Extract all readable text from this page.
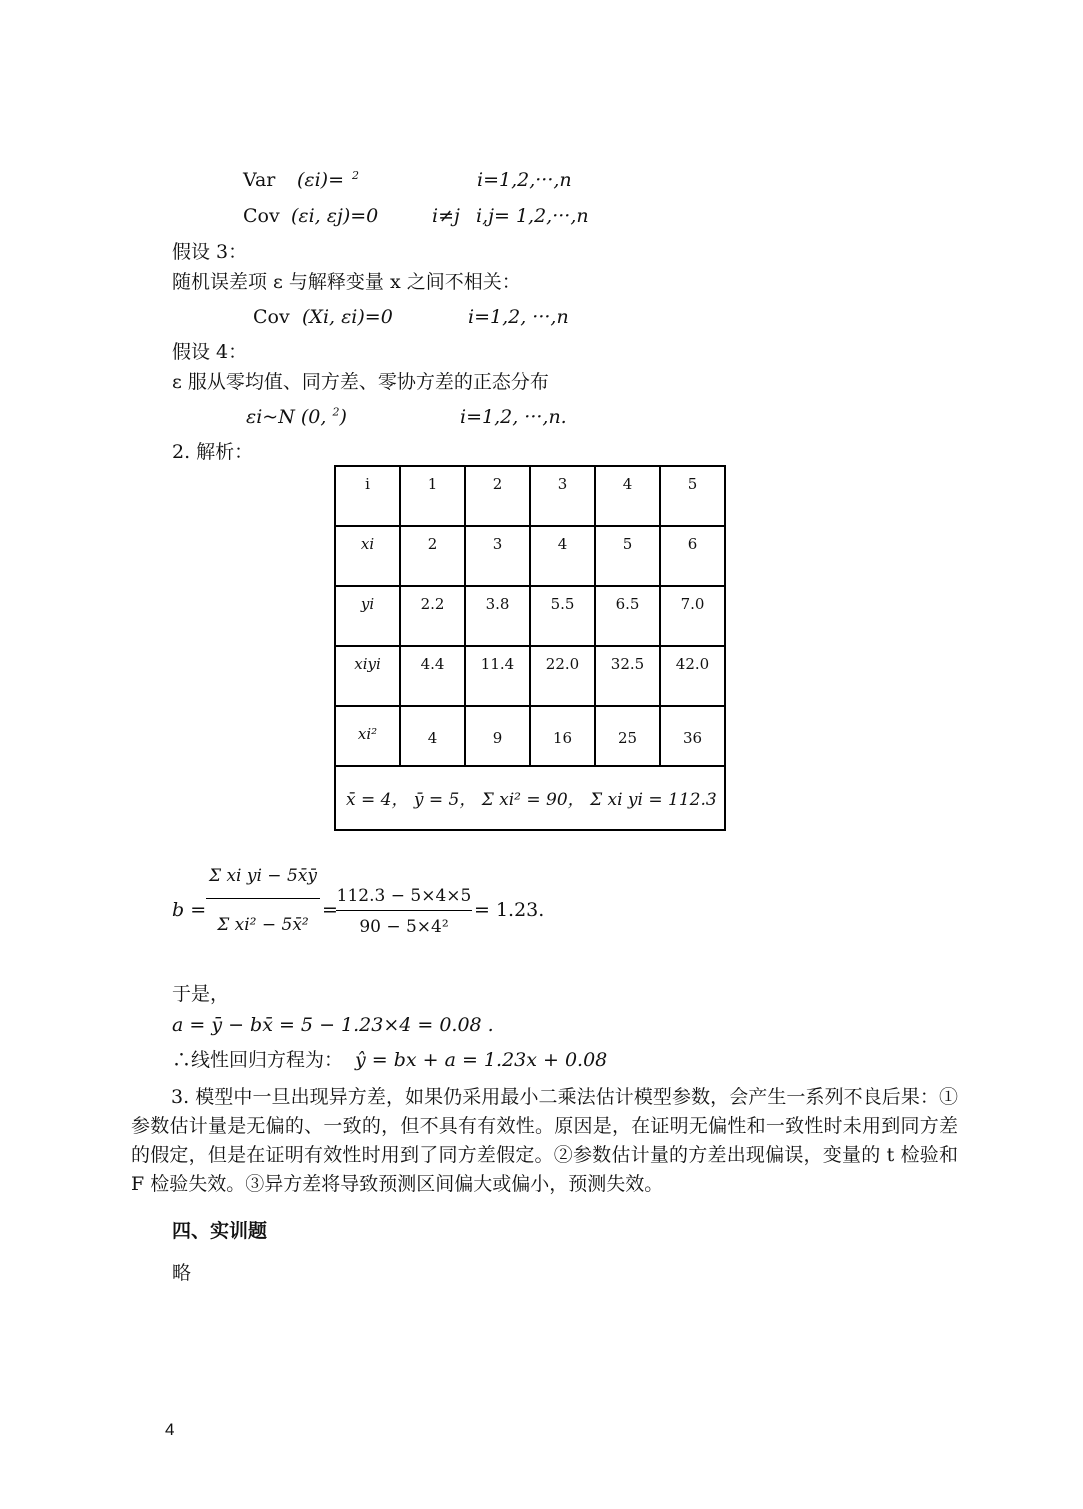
Var (εi)= $^2$	i=1,2,···,n
Cov (εi, εj)=0	i≠j i,j= 1,2,···,n
假设 3：
随机误差项 ε 与解释变量 x 之间不相关：
Cov (Xi, εi)=0	i=1,2, ···,n
假设 4：
ε 服从零均值、同方差、零协方差的正态分布
εi~N (0, $^2$)	i=1,2, ···,n.
2. 解析：
i	1	2	3	4	5
xi	2	3	4	5	6
yi	2.2	3.8	5.5	6.5	7.0
xiyi	4.4	11.4	22.0	32.5	42.0
xi²	4	9	16	25	36
x̄ = 4， ȳ = 5， Σ xi² = 90， Σ xi yi = 112.3					
b =
Σ xi yi − 5x̄ȳ
Σ xi² − 5x̄²
=
112.3 − 5×4×5
90 − 5×4²
= 1.23.
于是，
a = ȳ − bx̄ = 5 − 1.23×4 = 0.08 .
∴线性回归方程为： ŷ = bx + a = 1.23x + 0.08
3. 模型中一旦出现异方差，如果仍采用最小二乘法估计模型参数，会产生一系列不良后果：①参数估计量是无偏的、一致的，但不具有有效性。原因是，在证明无偏性和一致性时未用到同方差的假定，但是在证明有效性时用到了同方差假定。②参数估计量的方差出现偏误，变量的 t 检验和 F 检验失效。③异方差将导致预测区间偏大或偏小，预测失效。
四、实训题
略
4
